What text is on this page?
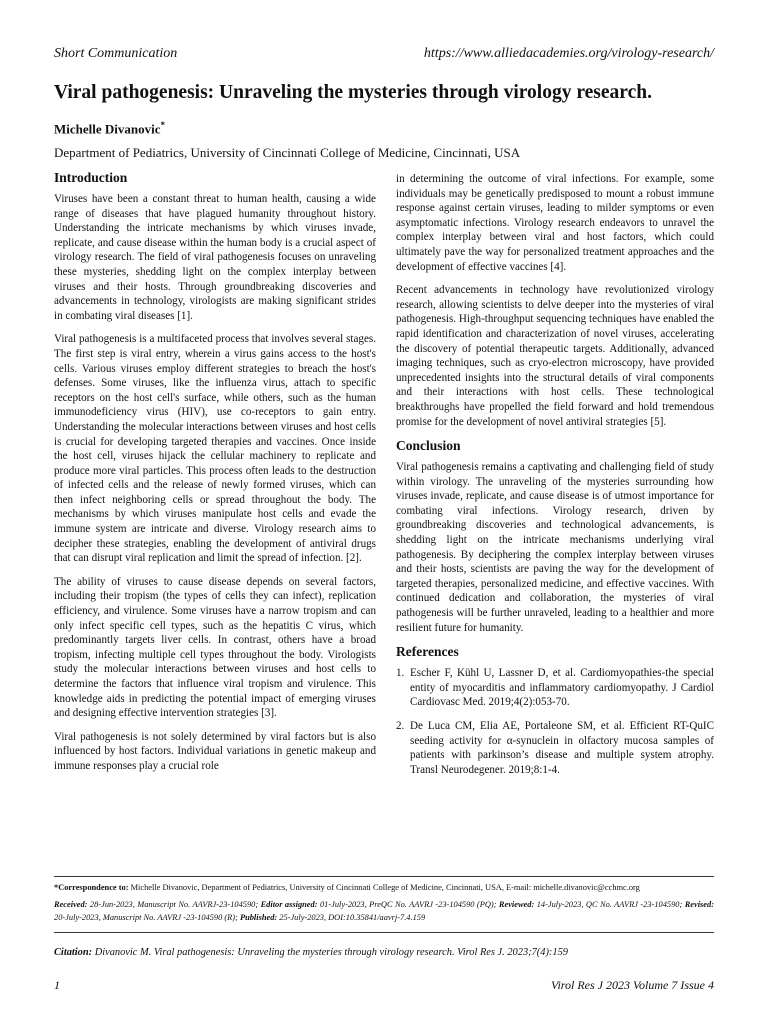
Short Communication	https://www.alliedacademies.org/virology-research/
Viral pathogenesis: Unraveling the mysteries through virology research.
Michelle Divanovic*
Department of Pediatrics, University of Cincinnati College of Medicine, Cincinnati, USA
Introduction

Viruses have been a constant threat to human health, causing a wide range of diseases that have plagued humanity throughout history. Understanding the intricate mechanisms by which viruses invade, replicate, and cause disease within the human body is a crucial aspect of virology research. The field of viral pathogenesis focuses on unraveling these mysteries, shedding light on the complex interplay between viruses and their hosts. Through groundbreaking discoveries and advancements in technology, virologists are making significant strides in combating viral diseases [1].

Viral pathogenesis is a multifaceted process that involves several stages. The first step is viral entry, wherein a virus gains access to the host's cells. Various viruses employ different strategies to breach the host's defenses. Some viruses, like the influenza virus, attach to specific receptors on the host cell's surface, while others, such as the human immunodeficiency virus (HIV), use co-receptors to gain entry. Understanding the molecular interactions between viruses and host cells is crucial for developing targeted therapies and vaccines. Once inside the host cell, viruses hijack the cellular machinery to replicate and produce more viral particles. This process often leads to the destruction of infected cells and the release of newly formed viruses, which can then infect neighboring cells or spread throughout the body. The mechanisms by which viruses manipulate host cells and evade the immune system are intricate and diverse. Virology research aims to decipher these strategies, enabling the development of antiviral drugs that can disrupt viral replication and limit the spread of infection. [2].

The ability of viruses to cause disease depends on several factors, including their tropism (the types of cells they can infect), replication efficiency, and virulence. Some viruses have a narrow tropism and can only infect specific cell types, such as the hepatitis C virus, which predominantly targets liver cells. In contrast, others have a broad tropism, infecting multiple cell types throughout the body. Virologists study the molecular interactions between viruses and host cells to determine the factors that influence viral tropism and virulence. This knowledge aids in predicting the potential impact of emerging viruses and designing effective intervention strategies [3].

Viral pathogenesis is not solely determined by viral factors but is also influenced by host factors. Individual variations in genetic makeup and immune responses play a crucial role

in determining the outcome of viral infections. For example, some individuals may be genetically predisposed to mount a robust immune response against certain viruses, leading to milder symptoms or even asymptomatic infections. Virology research endeavors to unravel the complex interplay between viral and host factors, which could ultimately pave the way for personalized treatment approaches and the development of effective vaccines [4].

Recent advancements in technology have revolutionized virology research, allowing scientists to delve deeper into the mysteries of viral pathogenesis. High-throughput sequencing techniques have enabled the rapid identification and characterization of novel viruses, accelerating the discovery of potential therapeutic targets. Additionally, advanced imaging techniques, such as cryo-electron microscopy, have provided unprecedented insights into the structural details of viral components and their interactions with host cells. These technological breakthroughs have propelled the field forward and hold tremendous promise for the development of novel antiviral strategies [5].

Conclusion

Viral pathogenesis remains a captivating and challenging field of study within virology. The unraveling of the mysteries surrounding how viruses invade, replicate, and cause disease is of utmost importance for combating viral infections. Virology research, driven by groundbreaking discoveries and technological advancements, is shedding light on the intricate mechanisms underlying viral pathogenesis. By deciphering the complex interplay between viruses and their hosts, scientists are paving the way for the development of targeted therapies, personalized medicine, and effective vaccines. With continued dedication and collaboration, the mysteries of viral pathogenesis will be further unraveled, leading to a healthier and more resilient future for humanity.

References
1. Escher F, Kühl U, Lassner D, et al. Cardiomyopathies-the special entity of myocarditis and inflammatory cardiomyopathy. J Cardiol Cardiovasc Med. 2019;4(2):053-70.
2. De Luca CM, Elia AE, Portaleone SM, et al. Efficient RT-QuIC seeding activity for α-synuclein in olfactory mucosa samples of patients with parkinson’s disease and multiple system atrophy. Transl Neurodegener. 2019;8:1-4.

*Correspondence to: Michelle Divanovic, Department of Pediatrics, University of Cincinnati College of Medicine, Cincinnati, USA, E-mail: michelle.divanovic@cchmc.org

Received: 28-Jun-2023, Manuscript No. AAVRJ-23-104590; Editor assigned: 01-July-2023, PreQC No. AAVRJ -23-104590 (PQ); Reviewed: 14-July-2023, QC No. AAVRJ -23-104590; Revised: 20-July-2023, Manuscript No. AAVRJ -23-104590 (R); Published: 25-July-2023, DOI:10.35841/aavrj-7.4.159

Citation: Divanovic M. Viral pathogenesis: Unraveling the mysteries through virology research. Virol Res J. 2023;7(4):159
1	Virol Res J 2023 Volume 7 Issue 4
